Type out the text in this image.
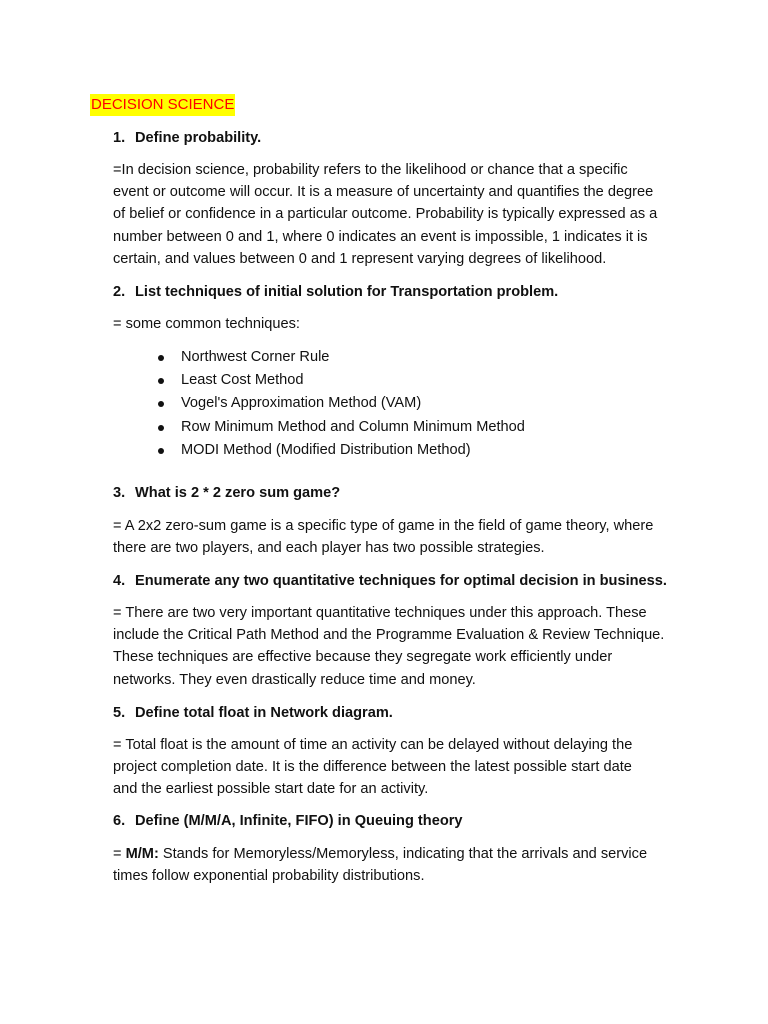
DECISION SCIENCE
1. Define probability.
=In decision science, probability refers to the likelihood or chance that a specific
event or outcome will occur. It is a measure of uncertainty and quantifies the degree
of belief or confidence in a particular outcome. Probability is typically expressed as a
number between 0 and 1, where 0 indicates an event is impossible, 1 indicates it is
certain, and values between 0 and 1 represent varying degrees of likelihood.
2. List techniques of initial solution for Transportation problem.
= some common techniques:
Northwest Corner Rule
Least Cost Method
Vogel's Approximation Method (VAM)
Row Minimum Method and Column Minimum Method
MODI Method (Modified Distribution Method)
3. What is 2 * 2 zero sum game?
= A 2x2 zero-sum game is a specific type of game in the field of game theory, where
there are two players, and each player has two possible strategies.
4. Enumerate any two quantitative techniques for optimal decision in business.
= There are two very important quantitative techniques under this approach. These
include the Critical Path Method and the Programme Evaluation & Review Technique.
These techniques are effective because they segregate work efficiently under
networks. They even drastically reduce time and money.
5. Define total float in Network diagram.
= Total float is the amount of time an activity can be delayed without delaying the
project completion date. It is the difference between the latest possible start date
and the earliest possible start date for an activity.
6. Define (M/M/A, Infinite, FIFO) in Queuing theory
= M/M: Stands for Memoryless/Memoryless, indicating that the arrivals and service
times follow exponential probability distributions.
